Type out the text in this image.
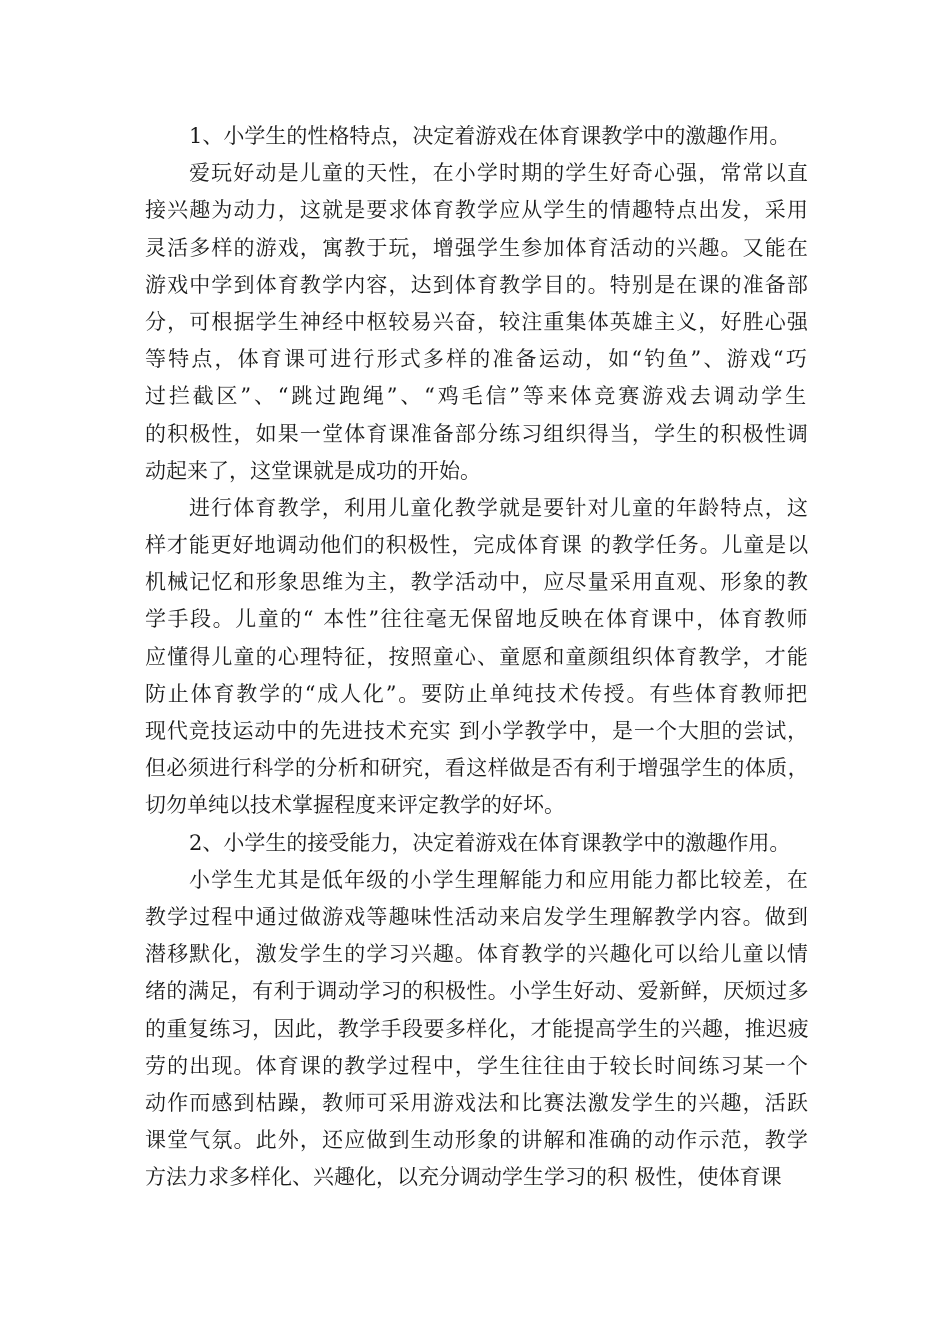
1、小学生的性格特点，决定着游戏在体育课教学中的激趣作用。
爱玩好动是儿童的天性，在小学时期的学生好奇心强，常常以直
接兴趣为动力，这就是要求体育教学应从学生的情趣特点出发，采用
灵活多样的游戏，寓教于玩，增强学生参加体育活动的兴趣。又能在
游戏中学到体育教学内容，达到体育教学目的。特别是在课的准备部
分，可根据学生神经中枢较易兴奋，较注重集体英雄主义，好胜心强
等特点，体育课可进行形式多样的准备运动，如“钓鱼”、游戏“巧
过拦截区”、“跳过跑绳”、“鸡毛信”等来体竞赛游戏去调动学生
的积极性，如果一堂体育课准备部分练习组织得当，学生的积极性调
动起来了，这堂课就是成功的开始。
进行体育教学，利用儿童化教学就是要针对儿童的年龄特点，这
样才能更好地调动他们的积极性，完成体育课 的教学任务。儿童是以
机械记忆和形象思维为主，教学活动中，应尽量采用直观、形象的教
学手段。儿童的“ 本性”往往毫无保留地反映在体育课中，体育教师
应懂得儿童的心理特征，按照童心、童愿和童颜组织体育教学，才能
防止体育教学的“成人化”。要防止单纯技术传授。有些体育教师把
现代竞技运动中的先进技术充实 到小学教学中，是一个大胆的尝试，
但必须进行科学的分析和研究，看这样做是否有利于增强学生的体质，
切勿单纯以技术掌握程度来评定教学的好坏。
2、小学生的接受能力，决定着游戏在体育课教学中的激趣作用。
小学生尤其是低年级的小学生理解能力和应用能力都比较差，在
教学过程中通过做游戏等趣味性活动来启发学生理解教学内容。做到
潜移默化，激发学生的学习兴趣。体育教学的兴趣化可以给儿童以情
绪的满足，有利于调动学习的积极性。小学生好动、爱新鲜，厌烦过多
的重复练习，因此，教学手段要多样化，才能提高学生的兴趣，推迟疲
劳的出现。体育课的教学过程中，学生往往由于较长时间练习某一个
动作而感到枯躁，教师可采用游戏法和比赛法激发学生的兴趣，活跃
课堂气氛。此外，还应做到生动形象的讲解和准确的动作示范，教学
方法力求多样化、兴趣化，以充分调动学生学习的积 极性，使体育课
